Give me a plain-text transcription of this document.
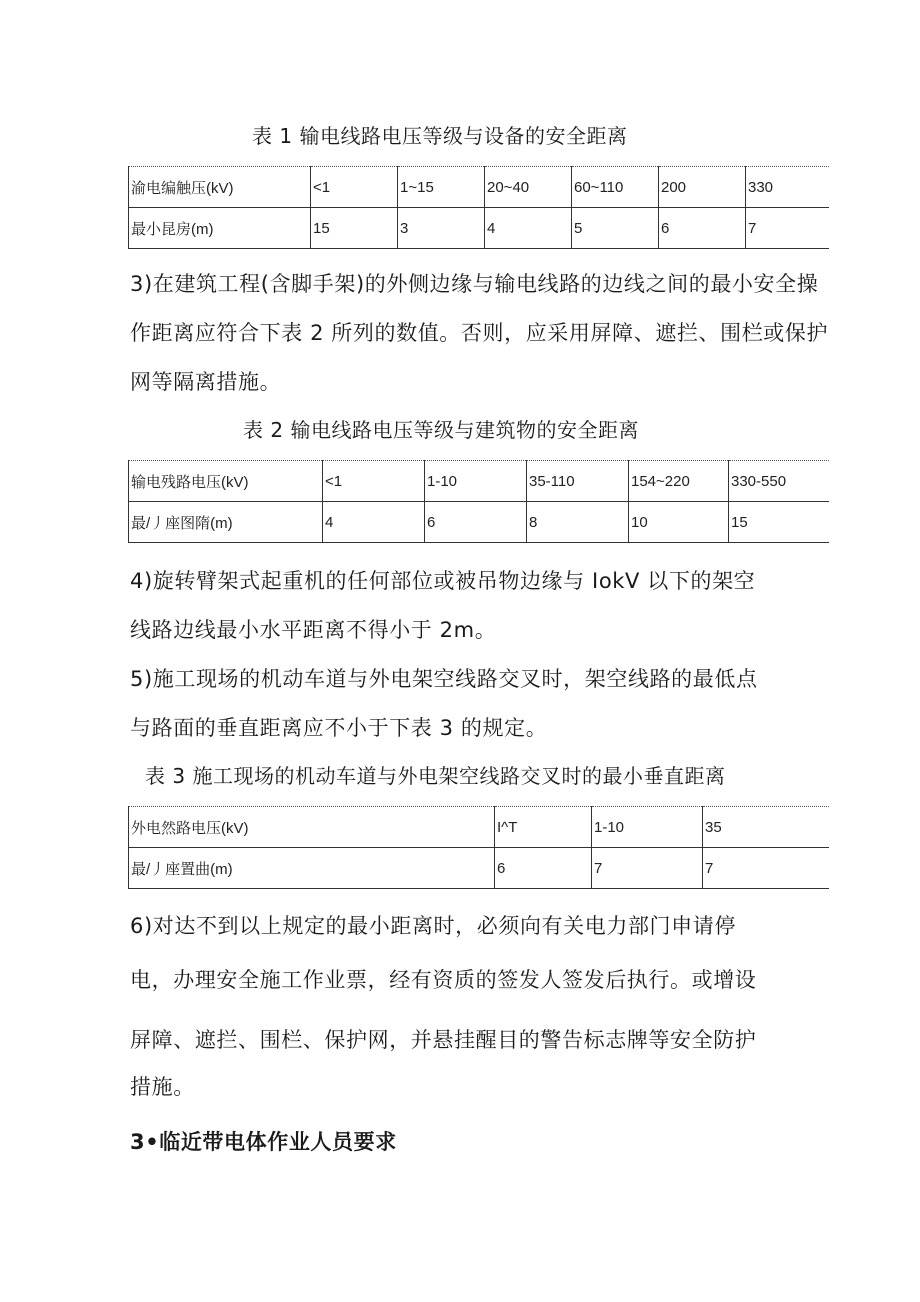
表 1 输电线路电压等级与设备的安全距离
渝电编触压(kV)	<1	1~15	20~40	60~110	200	330
最小昆房(m)	15	3	4	5	6	7
3)在建筑工程(含脚手架)的外侧边缘与输电线路的边线之间的最小安全操
作距离应符合下表 2 所列的数值。否则，应采用屏障、遮拦、围栏或保护
网等隔离措施。
表 2 输电线路电压等级与建筑物的安全距离
输电残路电压(kV)	<1	1-10	35-110	154~220	330-550
最/丿座图隋(m)	4	6	8	10	15
4)旋转臂架式起重机的任何部位或被吊物边缘与 IokV 以下的架空
线路边线最小水平距离不得小于 2m。
5)施工现场的机动车道与外电架空线路交叉时，架空线路的最低点
与路面的垂直距离应不小于下表 3 的规定。
表 3 施工现场的机动车道与外电架空线路交叉时的最小垂直距离
外电然路电压(kV)	I^T	1-10	35
最/丿座置曲(m)	6	7	7
6)对达不到以上规定的最小距离时，必须向有关电力部门申请停
电，办理安全施工作业票，经有资质的签发人签发后执行。或增设
屏障、遮拦、围栏、保护网，并悬挂醒目的警告标志牌等安全防护
措施。
3•临近带电体作业人员要求
